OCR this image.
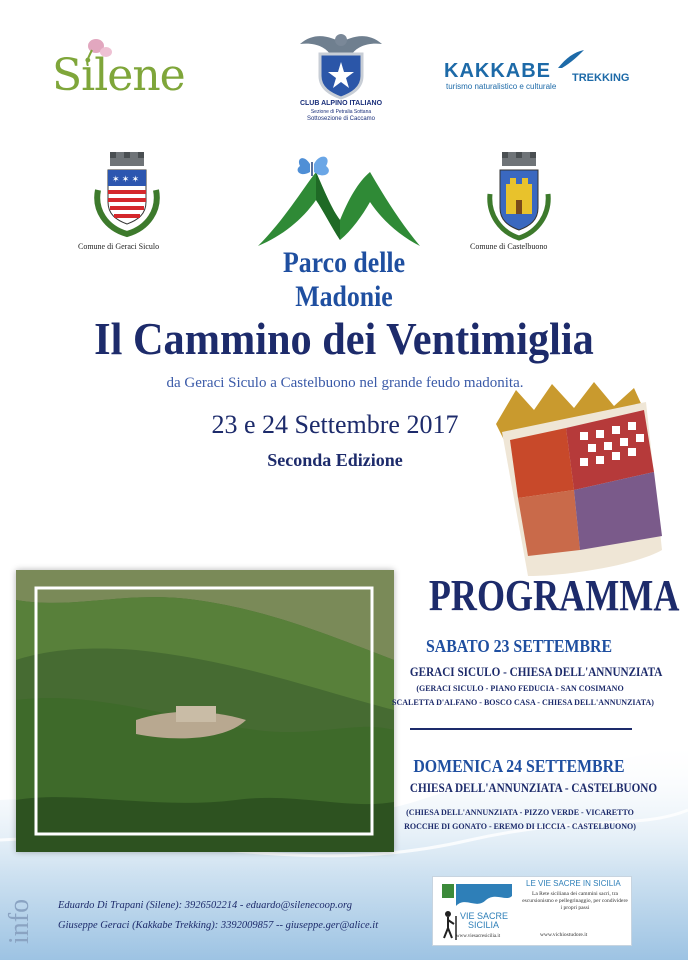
Silene
CLUB ALPINO ITALIANO
Sezione di Petralia Sottana
Sottosezione di Caccamo
KAKKABE TREKKING
turismo naturalistico e culturale
✶ ✶ ✶
Comune di Geraci Siculo	Parco delle Madonie
Comune di Castelbuono
Il Cammino dei Ventimiglia
da Geraci Siculo a Castelbuono nel grande feudo madonita.
23 e 24 Settembre 2017
Seconda Edizione
PROGRAMMA
SABATO 23 SETTEMBRE
GERACI SICULO - CHIESA DELL'ANNUNZIATA
(GERACI SICULO - PIANO FEDUCIA - SAN COSIMANO
SCALETTA D'ALFANO - BOSCO CASA - CHIESA DELL'ANNUNZIATA)
DOMENICA 24 SETTEMBRE
CHIESA DELL'ANNUNZIATA - CASTELBUONO
(CHIESA DELL'ANNUNZIATA - PIZZO VERDE - VICARETTO
ROCCHE DI GONATO - EREMO DI LICCIA - CASTELBUONO)
info Eduardo Di Trapani (Silene): 3926502214 - eduardo@silenecoop.org
Giuseppe Geraci (Kakkabe Trekking): 3392009857 -- giuseppe.ger@alice.it
LE VIE SACRE IN SICILIA
La Rete siciliana dei cammini sacri, tra escursionismo e pellegrinaggio, per condividere i propri passi
VIE SACRE
SICILIA
www.viesacresicilia.it	www.vichiostudore.it
